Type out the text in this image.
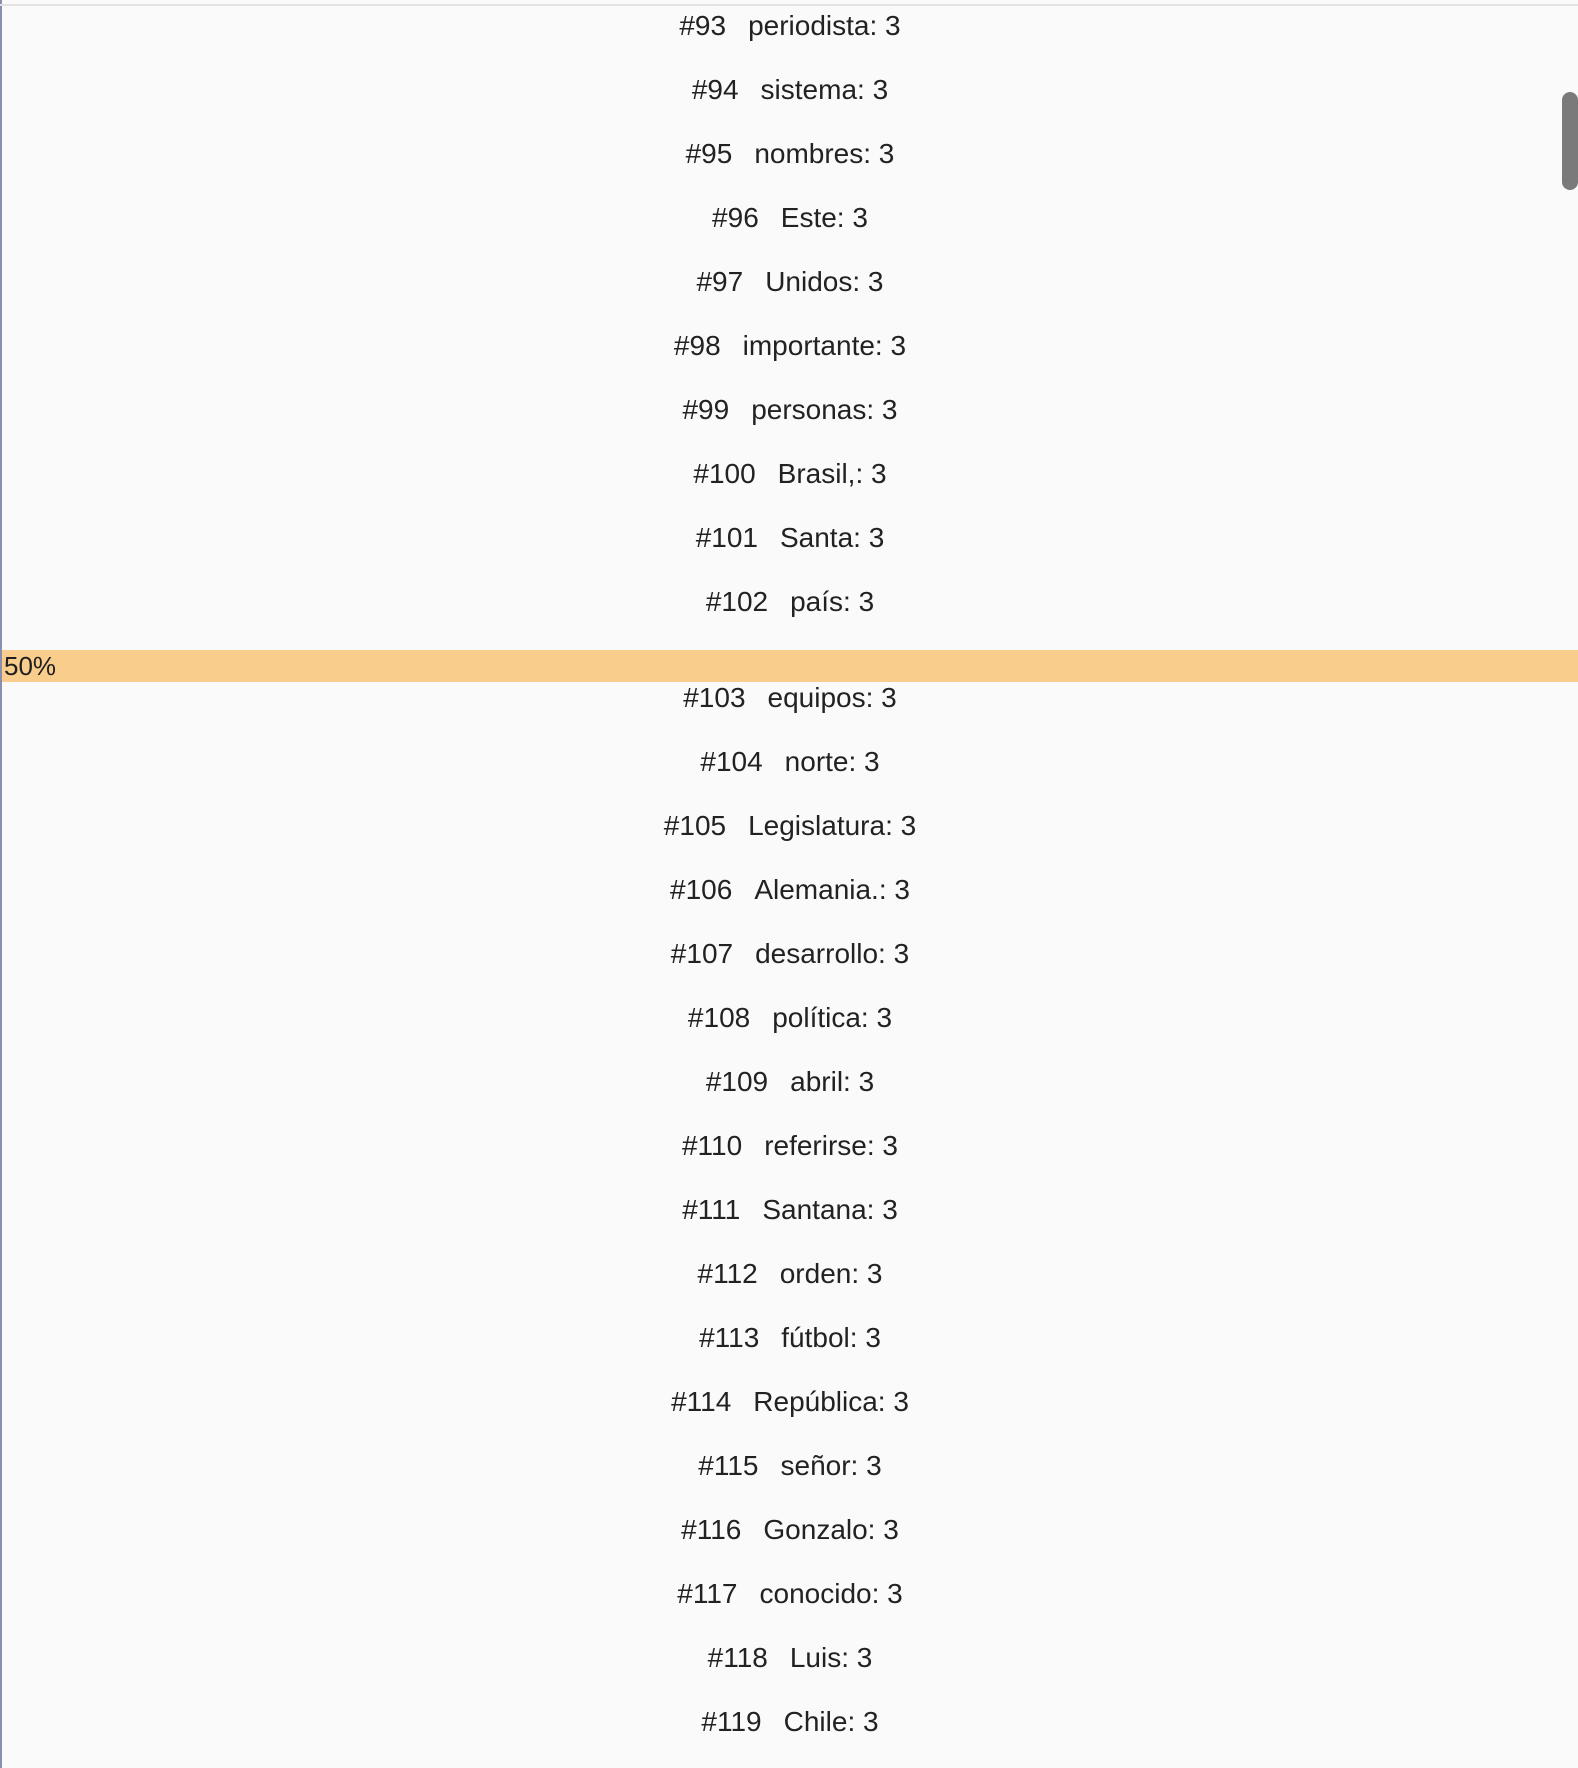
#93 periodista: 3
#94 sistema: 3
#95 nombres: 3
#96 Este: 3
#97 Unidos: 3
#98 importante: 3
#99 personas: 3
#100 Brasil,: 3
#101 Santa: 3
#102 país: 3
#103 equipos: 3
#104 norte: 3
#105 Legislatura: 3
#106 Alemania.: 3
#107 desarrollo: 3
#108 política: 3
#109 abril: 3
#110 referirse: 3
#111 Santana: 3
#112 orden: 3
#113 fútbol: 3
#114 República: 3
#115 señor: 3
#116 Gonzalo: 3
#117 conocido: 3
#118 Luis: 3
#119 Chile: 3
50%
